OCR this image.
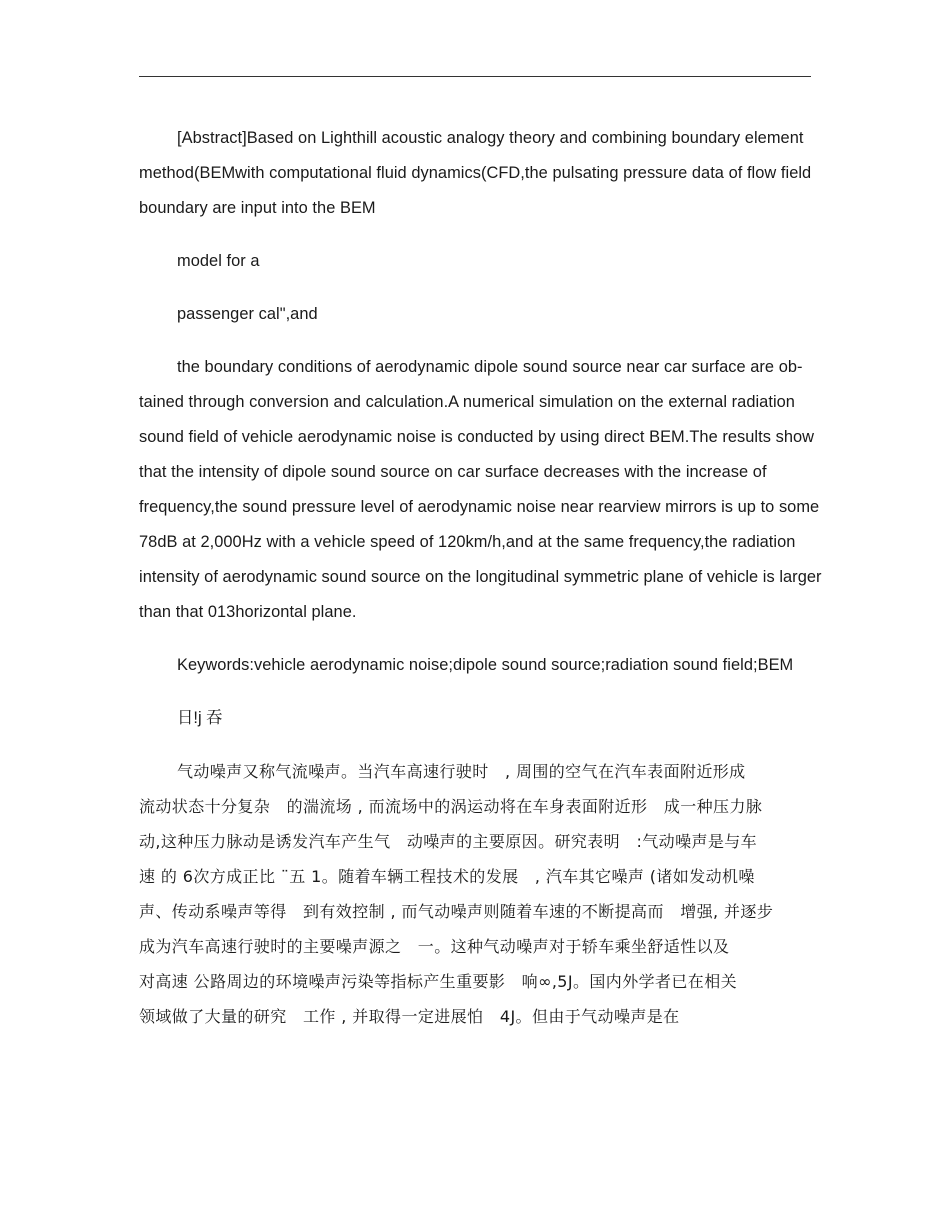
[Abstract]Based on Lighthill acoustic analogy theory and combining boundary element method(BEMwith computational fluid dynamics(CFD,the pulsating pressure data of flow field boundary are input into the BEM

model for a

passenger cal",and

the boundary conditions of aerodynamic dipole sound source near car surface are ob-tained through conversion and calculation.A numerical simulation on the external radiation sound field of vehicle aerodynamic noise is conducted by using direct BEM.The results show that the intensity of dipole sound source on car surface decreases with the increase of frequency,the sound pressure level of aerodynamic noise near rearview mirrors is up to some 78dB at 2,000Hz with a vehicle speed of 120km/h,and at the same frequency,the radiation intensity of aerodynamic sound source on the longitudinal symmetric plane of vehicle is larger than that 013horizontal plane.

Keywords:vehicle aerodynamic noise;dipole sound source;radiation sound field;BEM

日!j 吞

气动噪声又称气流噪声。当汽车高速行驶时　, 周围的空气在汽车表面附近形成
流动状态十分复杂　的湍流场 , 而流场中的涡运动将在车身表面附近形　成一种压力脉
动,这种压力脉动是诱发汽车产生气　动噪声的主要原因。研究表明　:气动噪声是与车
速 的 6次方成正比 ¨五 1。随着车辆工程技术的发展　, 汽车其它噪声 (诸如发动机噪
声、传动系噪声等得　到有效控制 , 而气动噪声则随着车速的不断提高而　增强, 并逐步
成为汽车高速行驶时的主要噪声源之　一。这种气动噪声对于轿车乘坐舒适性以及
对高速 公路周边的环境噪声污染等指标产生重要影　响∞,5J。国内外学者已在相关
领域做了大量的研究　工作 , 并取得一定进展怕　4J。但由于气动噪声是在
